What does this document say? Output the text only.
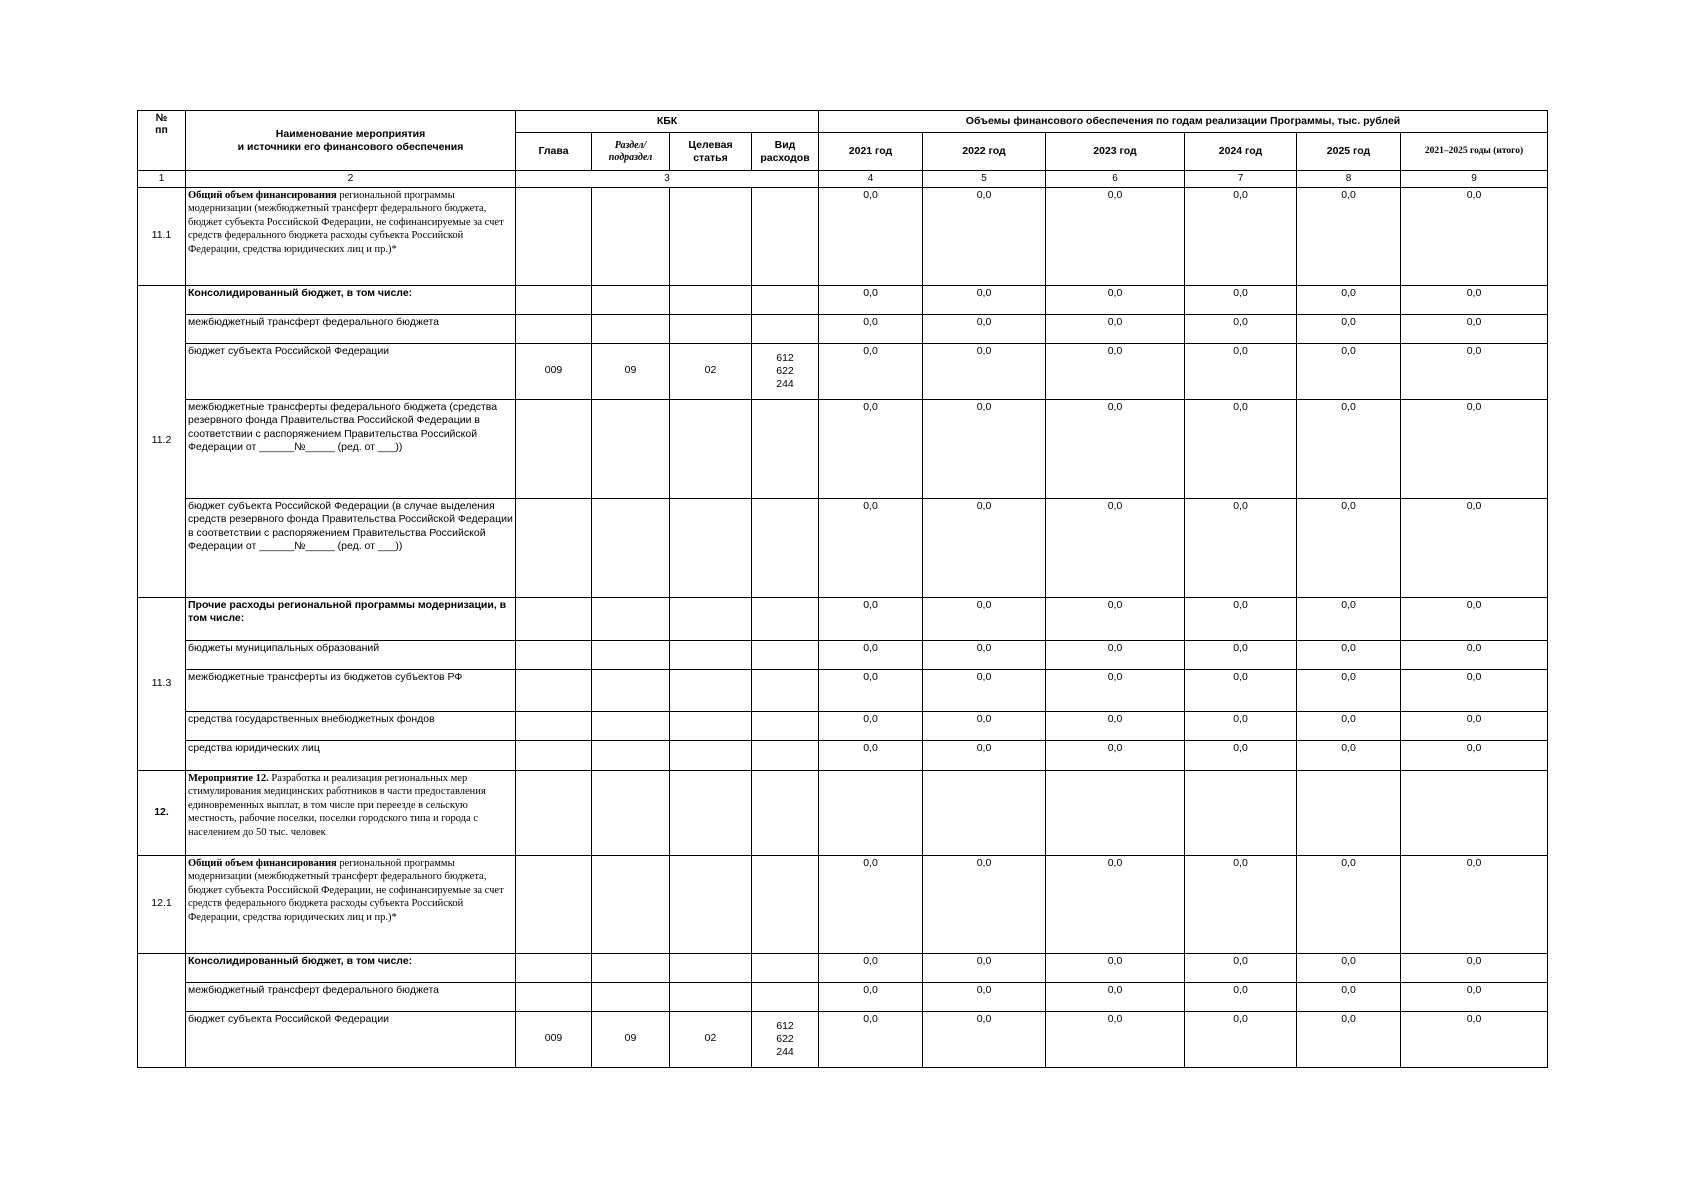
№
пп	Наименование мероприятия
и источники его финансового обеспечения	КБК				Объемы финансового обеспечения по годам реализации Программы, тыс. рублей					
		Глава	Раздел/
подраздел	Целевая
статья	Вид
расходов	2021 год	2022 год	2023 год	2024 год	2025 год	2021–2025 годы (итого)
1	2	3				4	5	6	7	8	9
11.1	Общий объем финансирования региональной программы модернизации (межбюджетный трансферт федерального бюджета, бюджет субъекта Российской Федерации, не софинансируемые за счет средств федерального бюджета расходы субъекта Российской Федерации, средства юридических лиц и пр.)*					0,0	0,0	0,0	0,0	0,0	0,0
11.2	Консолидированный бюджет, в том числе:					0,0	0,0	0,0	0,0	0,0	0,0
	межбюджетный трансферт федерального бюджета					0,0	0,0	0,0	0,0	0,0	0,0
	бюджет субъекта Российской Федерации	009	09	02	612
622
244	0,0	0,0	0,0	0,0	0,0	0,0
	межбюджетные трансферты федерального бюджета (средства резервного фонда Правительства Российской Федерации в соответствии с распоряжением Правительства Российской Федерации от ______№_____ (ред. от ___))					0,0	0,0	0,0	0,0	0,0	0,0
	бюджет субъекта Российской Федерации (в случае выделения средств резервного фонда Правительства Российской Федерации в соответствии с распоряжением Правительства Российской Федерации от ______№_____ (ред. от ___))					0,0	0,0	0,0	0,0	0,0	0,0
11.3	Прочие расходы региональной программы модернизации, в том числе:					0,0	0,0	0,0	0,0	0,0	0,0
	бюджеты муниципальных образований					0,0	0,0	0,0	0,0	0,0	0,0
	межбюджетные трансферты из бюджетов субъектов РФ					0,0	0,0	0,0	0,0	0,0	0,0
	средства государственных внебюджетных фондов					0,0	0,0	0,0	0,0	0,0	0,0
	средства юридических лиц					0,0	0,0	0,0	0,0	0,0	0,0
12.	Мероприятие 12. Разработка и реализация региональных мер стимулирования медицинских работников в части предоставления единовременных выплат, в том числе при переезде в сельскую местность, рабочие поселки, поселки городского типа и города с населением до 50 тыс. человек										
12.1	Общий объем финансирования региональной программы модернизации (межбюджетный трансферт федерального бюджета, бюджет субъекта Российской Федерации, не софинансируемые за счет средств федерального бюджета расходы субъекта Российской Федерации, средства юридических лиц и пр.)*					0,0	0,0	0,0	0,0	0,0	0,0
	Консолидированный бюджет, в том числе:					0,0	0,0	0,0	0,0	0,0	0,0
	межбюджетный трансферт федерального бюджета					0,0	0,0	0,0	0,0	0,0	0,0
	бюджет субъекта Российской Федерации	009	09	02	612
622
244	0,0	0,0	0,0	0,0	0,0	0,0
